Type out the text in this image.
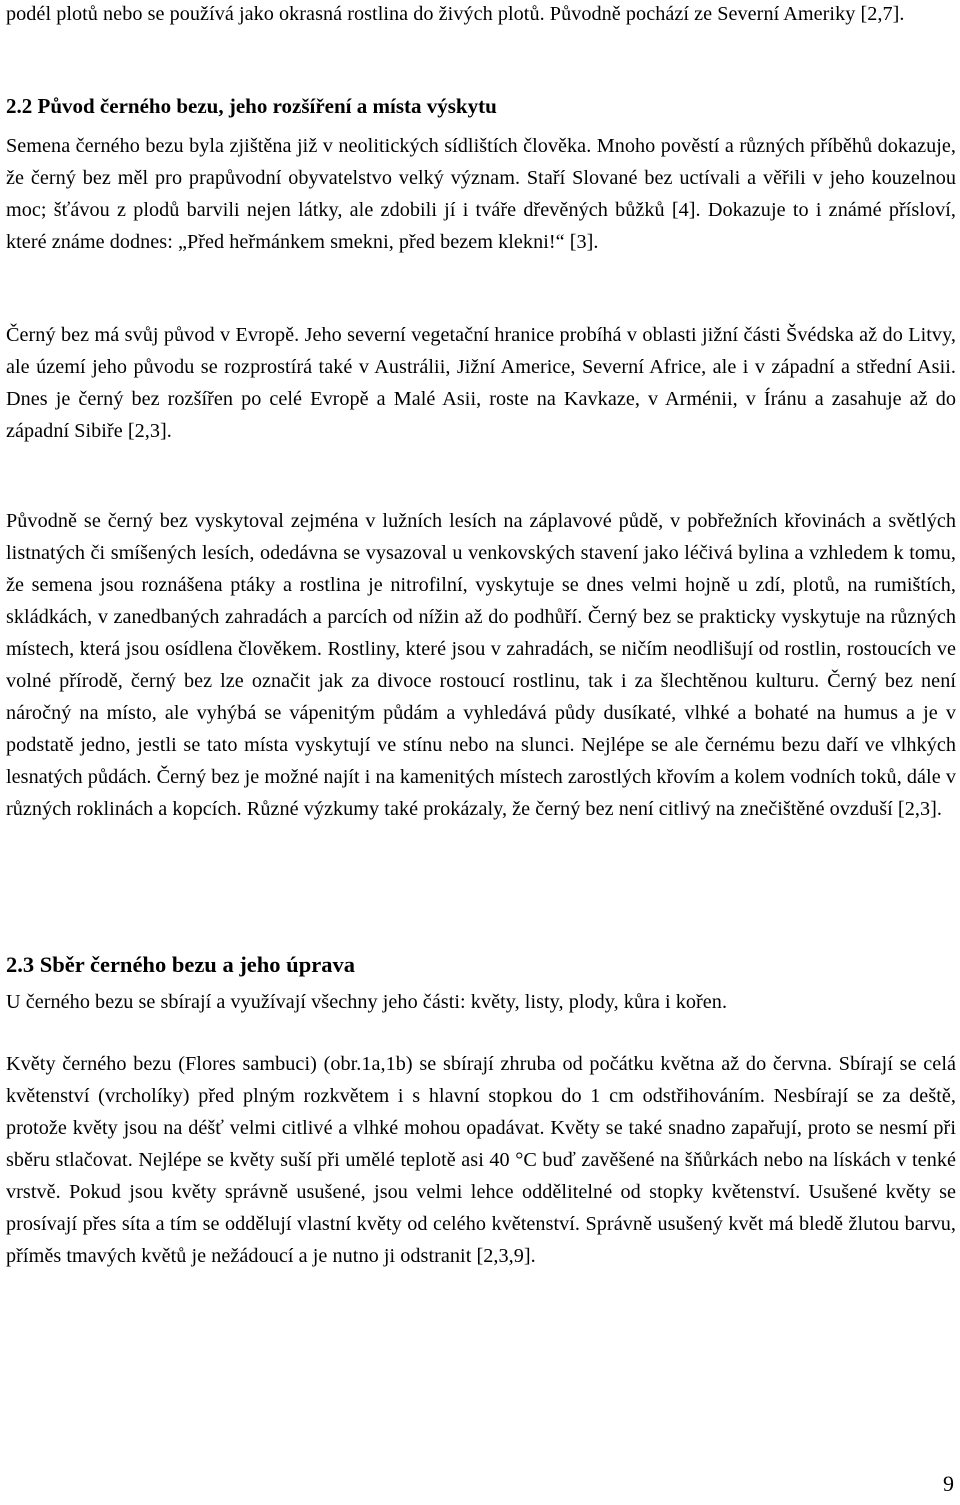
podél plotů nebo se používá jako okrasná rostlina do živých plotů. Původně pochází ze Severní Ameriky [2,7].

2.2 Původ černého bezu, jeho rozšíření a místa výskytu

Semena černého bezu byla zjištěna již v neolitických sídlištích člověka. Mnoho pověstí a různých příběhů dokazuje, že černý bez měl pro prapůvodní obyvatelstvo velký význam. Staří Slované bez uctívali a věřili v jeho kouzelnou moc; šťávou z plodů barvili nejen látky, ale zdobili jí i tváře dřevěných bůžků [4]. Dokazuje to i známé přísloví, které známe dodnes: „Před heřmánkem smekni, před bezem klekni!“ [3].

Černý bez má svůj původ v Evropě. Jeho severní vegetační hranice probíhá v oblasti jižní části Švédska až do Litvy, ale území jeho původu se rozprostírá také v Austrálii, Jižní Americe, Severní Africe, ale i v západní a střední Asii. Dnes je černý bez rozšířen po celé Evropě a Malé Asii, roste na Kavkaze, v Arménii, v Íránu a zasahuje až do západní Sibiře [2,3].

Původně se černý bez vyskytoval zejména v lužních lesích na záplavové půdě, v pobřežních křovinách a světlých listnatých či smíšených lesích, odedávna se vysazoval u venkovských stavení jako léčivá bylina a vzhledem k tomu, že semena jsou roznášena ptáky a rostlina je nitrofilní, vyskytuje se dnes velmi hojně u zdí, plotů, na rumištích, skládkách, v zanedbaných zahradách a parcích od nížin až do podhůří. Černý bez se prakticky vyskytuje na různých místech, která jsou osídlena člověkem. Rostliny, které jsou v zahradách, se ničím neodlišují od rostlin, rostoucích ve volné přírodě, černý bez lze označit jak za divoce rostoucí rostlinu, tak i za šlechtěnou kulturu. Černý bez není náročný na místo, ale vyhýbá se vápenitým půdám a vyhledává půdy dusíkaté, vlhké a bohaté na humus a je v podstatě jedno, jestli se tato místa vyskytují ve stínu nebo na slunci. Nejlépe se ale černému bezu daří ve vlhkých lesnatých půdách. Černý bez je možné najít i na kamenitých místech zarostlých křovím a kolem vodních toků, dále v různých roklinách a kopcích. Různé výzkumy také prokázaly, že černý bez není citlivý na znečištěné ovzduší [2,3].

2.3 Sběr černého bezu a jeho úprava

U černého bezu se sbírají a využívají všechny jeho části: květy, listy, plody, kůra i kořen.

Květy černého bezu (Flores sambuci) (obr.1a,1b) se sbírají zhruba od počátku května až do června. Sbírají se celá květenství (vrcholíky) před plným rozkvětem i s hlavní stopkou do 1 cm odstřihováním. Nesbírají se za deště, protože květy jsou na déšť velmi citlivé a vlhké mohou opadávat. Květy se také snadno zapařují, proto se nesmí při sběru stlačovat. Nejlépe se květy suší při umělé teplotě asi 40 °C buď zavěšené na šňůrkách nebo na lískách v tenké vrstvě. Pokud jsou květy správně usušené, jsou velmi lehce oddělitelné od stopky květenství. Usušené květy se prosívají přes síta a tím se oddělují vlastní květy od celého květenství. Správně usušený květ má bledě žlutou barvu, příměs tmavých květů je nežádoucí a je nutno ji odstranit [2,3,9].

9
